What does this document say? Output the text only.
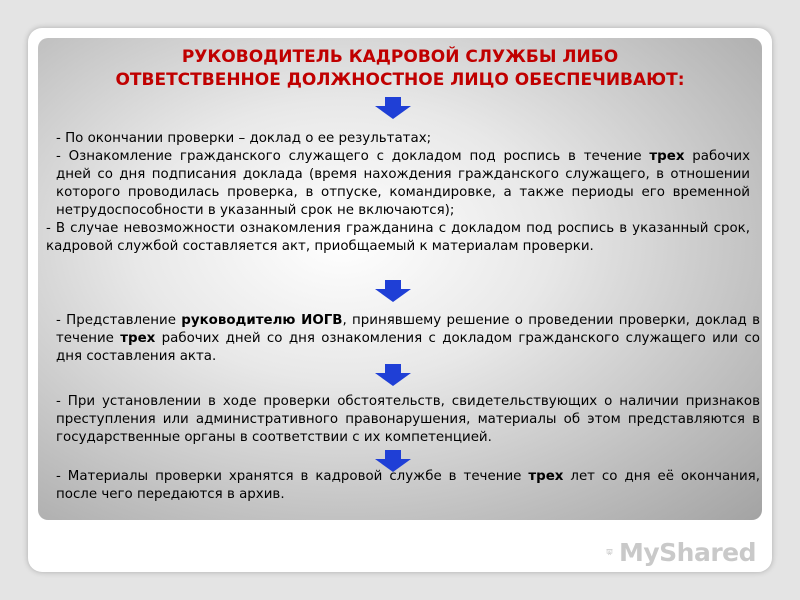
РУКОВОДИТЕЛЬ КАДРОВОЙ СЛУЖБЫ ЛИБО
ОТВЕТСТВЕННОЕ ДОЛЖНОСТНОЕ ЛИЦО ОБЕСПЕЧИВАЮТ:
- По окончании проверки – доклад о ее результатах;
- Ознакомление гражданского служащего с докладом под роспись в течение трех рабочих дней со дня подписания доклада (время нахождения гражданского служащего, в отношении которого проводилась проверка, в отпуске, командировке, а также периоды его временной нетрудоспособности в указанный срок не включаются);
- В случае невозможности ознакомления гражданина с докладом под роспись в указанный срок, кадровой службой составляется акт, приобщаемый к материалам проверки.
- Представление руководителю ИОГВ, принявшему решение о проведении проверки, доклад в течение трех рабочих дней со дня ознакомления с докладом гражданского служащего или со дня составления акта.
- При установлении в ходе проверки обстоятельств, свидетельствующих о наличии признаков преступления или административного правонарушения, материалы об этом представляются в государственные органы в соответствии с их компетенцией.
- Материалы проверки хранятся в кадровой службе в течение трех лет со дня её окончания, после чего передаются в архив.
MyShared
